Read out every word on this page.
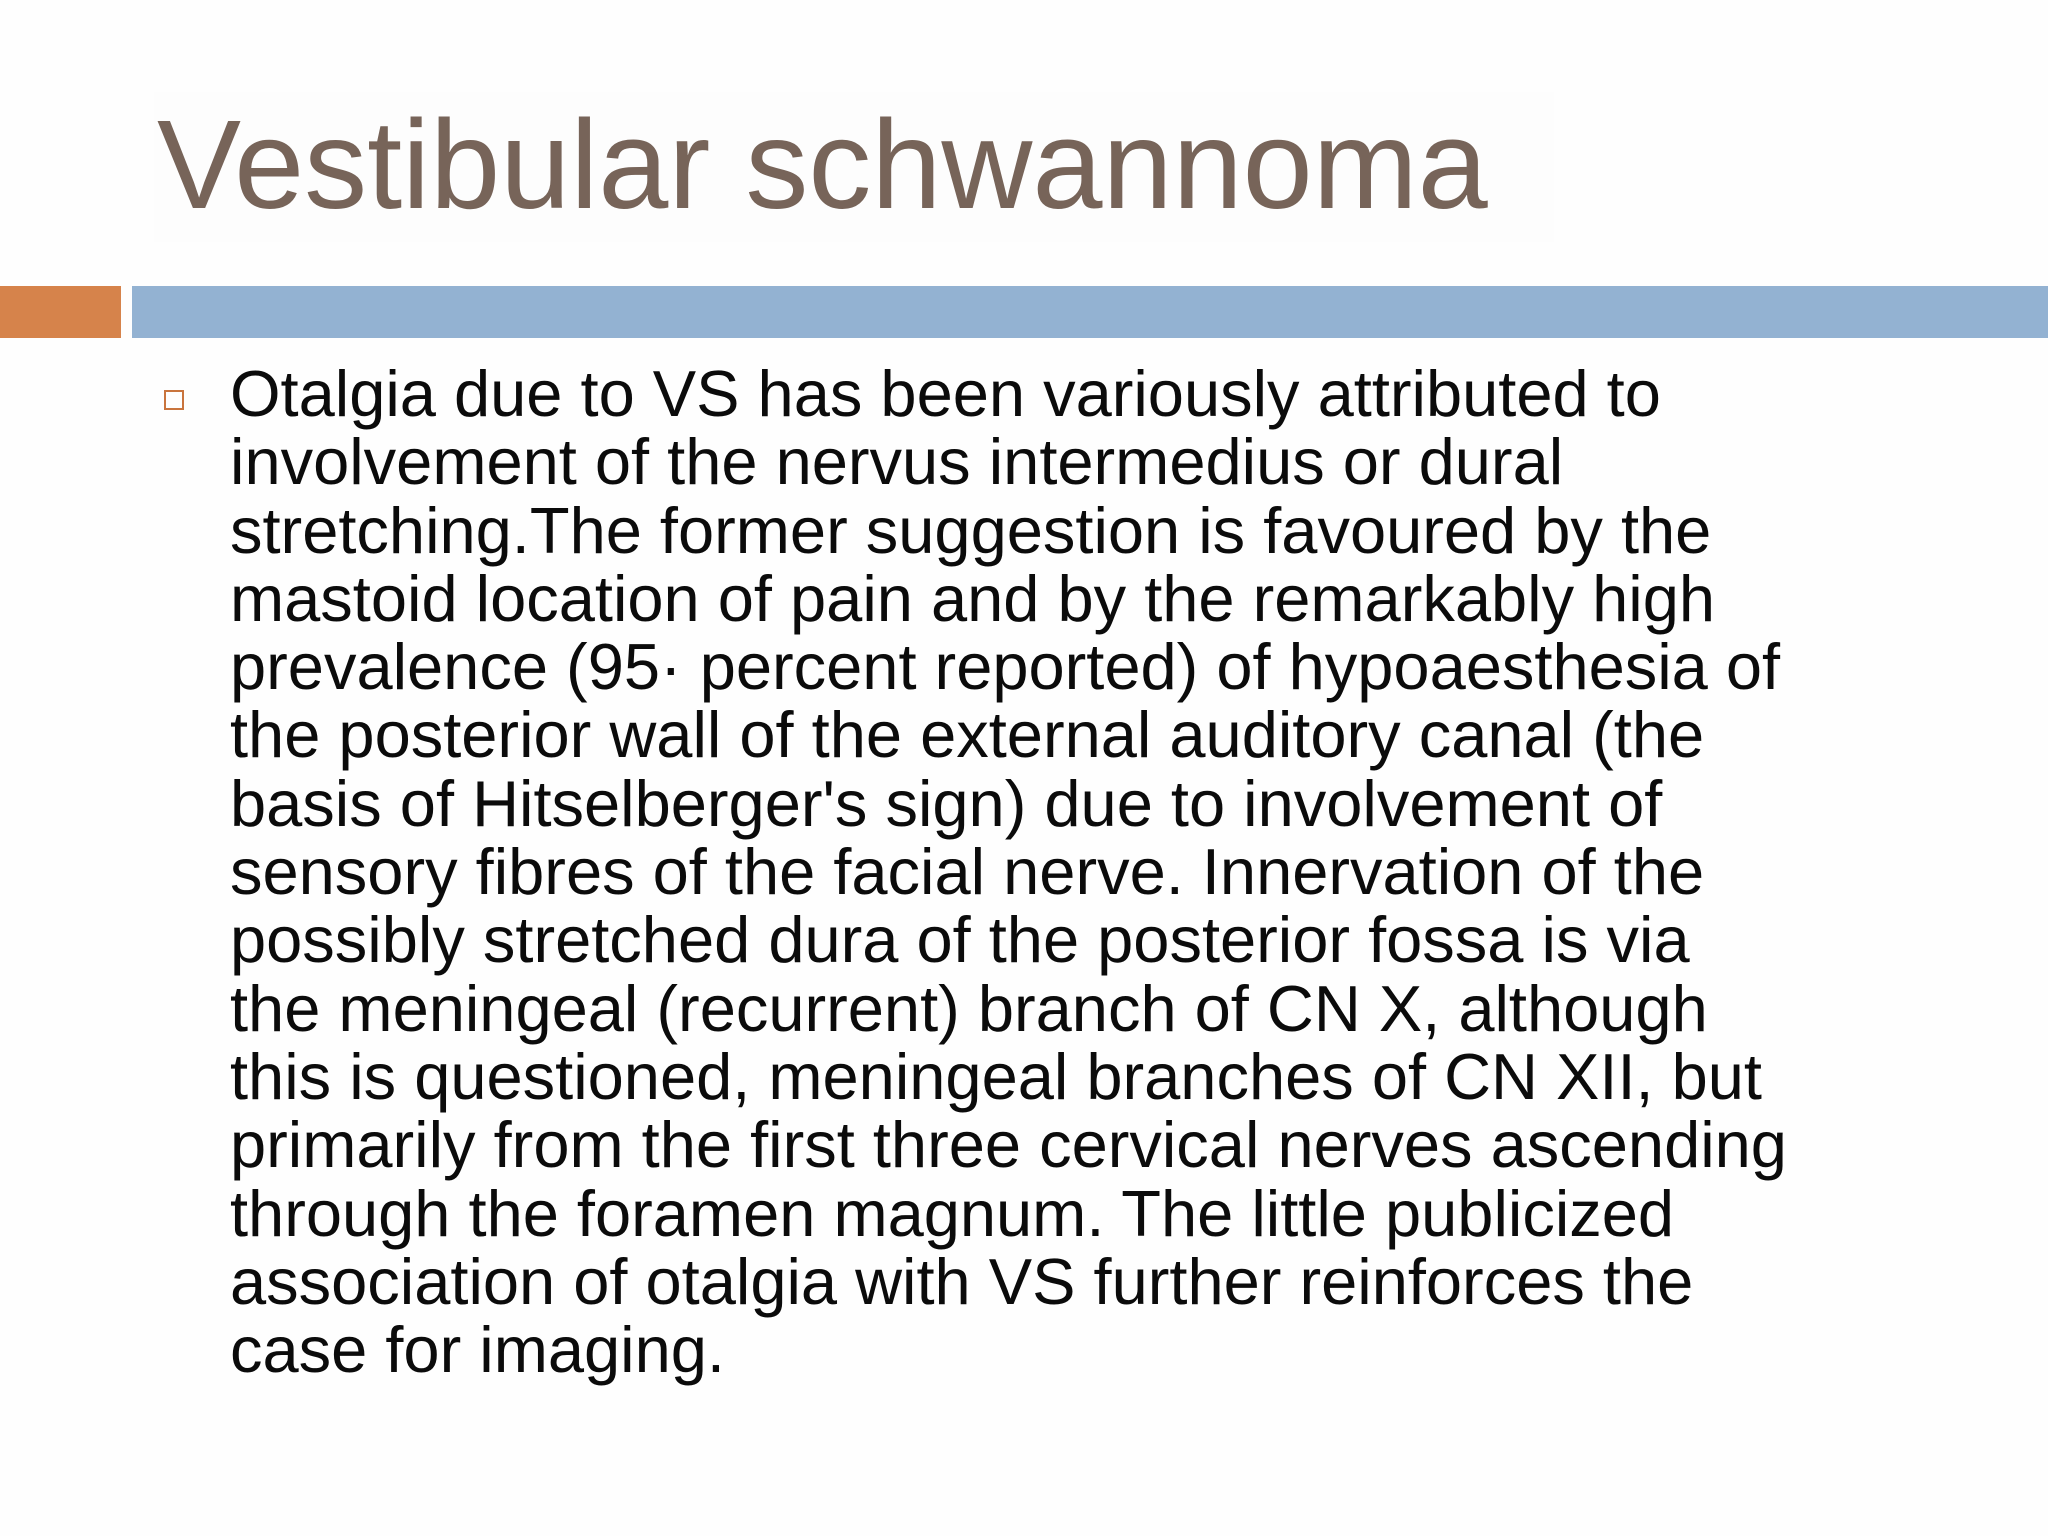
Vestibular schwannoma

Otalgia due to VS has been variously attributed to
involvement of the nervus intermedius or dural
stretching.The former suggestion is favoured by the
mastoid location of pain and by the remarkably high
prevalence (95· percent reported) of hypoaesthesia of
the posterior wall of the external auditory canal (the
basis of Hitselberger's sign) due to involvement of
sensory fibres of the facial nerve. Innervation of the
possibly stretched dura of the posterior fossa is via
the meningeal (recurrent) branch of CN X, although
this is questioned, meningeal branches of CN XII, but
primarily from the first three cervical nerves ascending
through the foramen magnum. The little publicized
association of otalgia with VS further reinforces the
case for imaging.
